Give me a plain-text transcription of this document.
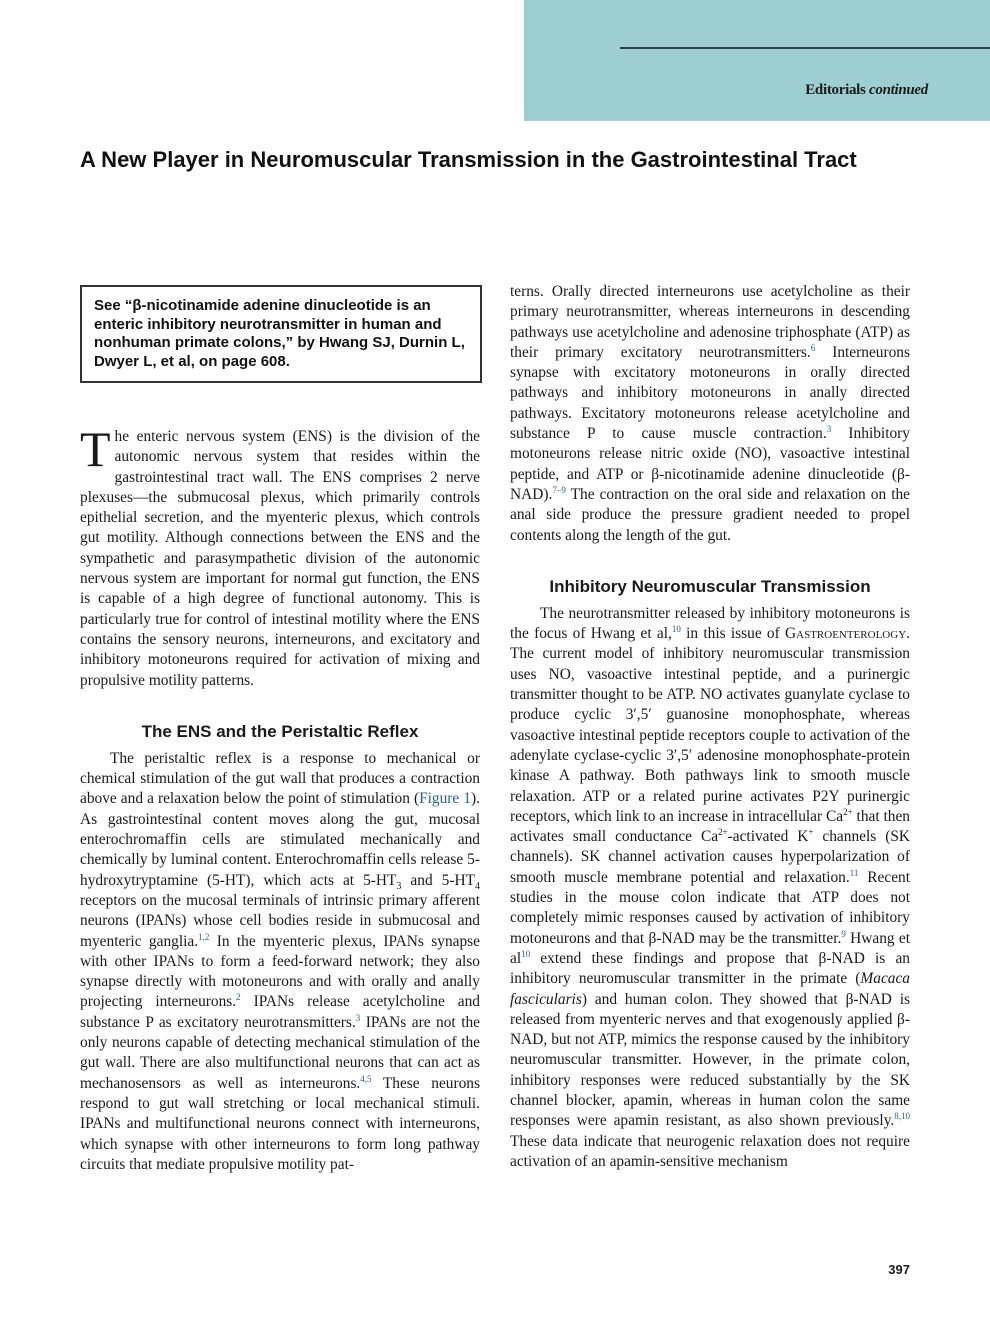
Editorials continued
A New Player in Neuromuscular Transmission in the Gastrointestinal Tract
See “β-nicotinamide adenine dinucleotide is an enteric inhibitory neurotransmitter in human and nonhuman primate colons,” by Hwang SJ, Durnin L, Dwyer L, et al, on page 608.

The enteric nervous system (ENS) is the division of the autonomic nervous system that resides within the gastrointestinal tract wall. The ENS comprises 2 nerve plexuses—the submucosal plexus, which primarily controls epithelial secretion, and the myenteric plexus, which controls gut motility. Although connections between the ENS and the sympathetic and parasympathetic division of the autonomic nervous system are important for normal gut function, the ENS is capable of a high degree of functional autonomy. This is particularly true for control of intestinal motility where the ENS contains the sensory neurons, interneurons, and excitatory and inhibitory motoneurons required for activation of mixing and propulsive motility patterns.

The ENS and the Peristaltic Reflex

The peristaltic reflex is a response to mechanical or chemical stimulation of the gut wall that produces a contraction above and a relaxation below the point of stimulation (Figure 1). As gastrointestinal content moves along the gut, mucosal enterochromaffin cells are stimulated mechanically and chemically by luminal content. Enterochromaffin cells release 5-hydroxytryptamine (5-HT), which acts at $5-HT_3$ and $5-HT_4$ receptors on the mucosal terminals of intrinsic primary afferent neurons (IPANs) whose cell bodies reside in submucosal and myenteric ganglia.$^{1,2}$ In the myenteric plexus, IPANs synapse with other IPANs to form a feed-forward network; they also synapse directly with motoneurons and with orally and anally projecting interneurons.$^2$ IPANs release acetylcholine and substance P as excitatory neurotransmitters.$^3$ IPANs are not the only neurons capable of detecting mechanical stimulation of the gut wall. There are also multifunctional neurons that can act as mechanosensors as well as interneurons.$^{4,5}$ These neurons respond to gut wall stretching or local mechanical stimuli. IPANs and multifunctional neurons connect with interneurons, which synapse with other interneurons to form long pathway circuits that mediate propulsive motility pat-

terns. Orally directed interneurons use acetylcholine as their primary neurotransmitter, whereas interneurons in descending pathways use acetylcholine and adenosine triphosphate (ATP) as their primary excitatory neurotransmitters.$^6$ Interneurons synapse with excitatory motoneurons in orally directed pathways and inhibitory motoneurons in anally directed pathways. Excitatory motoneurons release acetylcholine and substance P to cause muscle contraction.$^3$ Inhibitory motoneurons release nitric oxide (NO), vasoactive intestinal peptide, and ATP or β-nicotinamide adenine dinucleotide (β-NAD).$^{7-9}$ The contraction on the oral side and relaxation on the anal side produce the pressure gradient needed to propel contents along the length of the gut.

Inhibitory Neuromuscular Transmission

The neurotransmitter released by inhibitory motoneurons is the focus of Hwang et al,$^{10}$ in this issue of Gastroenterology. The current model of inhibitory neuromuscular transmission uses NO, vasoactive intestinal peptide, and a purinergic transmitter thought to be ATP. NO activates guanylate cyclase to produce cyclic 3′,5′ guanosine monophosphate, whereas vasoactive intestinal peptide receptors couple to activation of the adenylate cyclase-cyclic 3′,5′ adenosine monophosphate-protein kinase A pathway. Both pathways link to smooth muscle relaxation. ATP or a related purine activates P2Y purinergic receptors, which link to an increase in intracellular $Ca^{2+}$ that then activates small conductance $Ca^{2+}$-activated K+ channels (SK channels). SK channel activation causes hyperpolarization of smooth muscle membrane potential and relaxation.$^{11}$ Recent studies in the mouse colon indicate that ATP does not completely mimic responses caused by activation of inhibitory motoneurons and that β-NAD may be the transmitter.$^9$ Hwang et $al^{10}$ extend these findings and propose that β-NAD is an inhibitory neuromuscular transmitter in the primate (Macaca fascicularis) and human colon. They showed that β-NAD is released from myenteric nerves and that exogenously applied β-NAD, but not ATP, mimics the response caused by the inhibitory neuromuscular transmitter. However, in the primate colon, inhibitory responses were reduced substantially by the SK channel blocker, apamin, whereas in human colon the same responses were apamin resistant, as also shown previously.$^{8,10}$ These data indicate that neurogenic relaxation does not require activation of an apamin-sensitive mechanism

397
